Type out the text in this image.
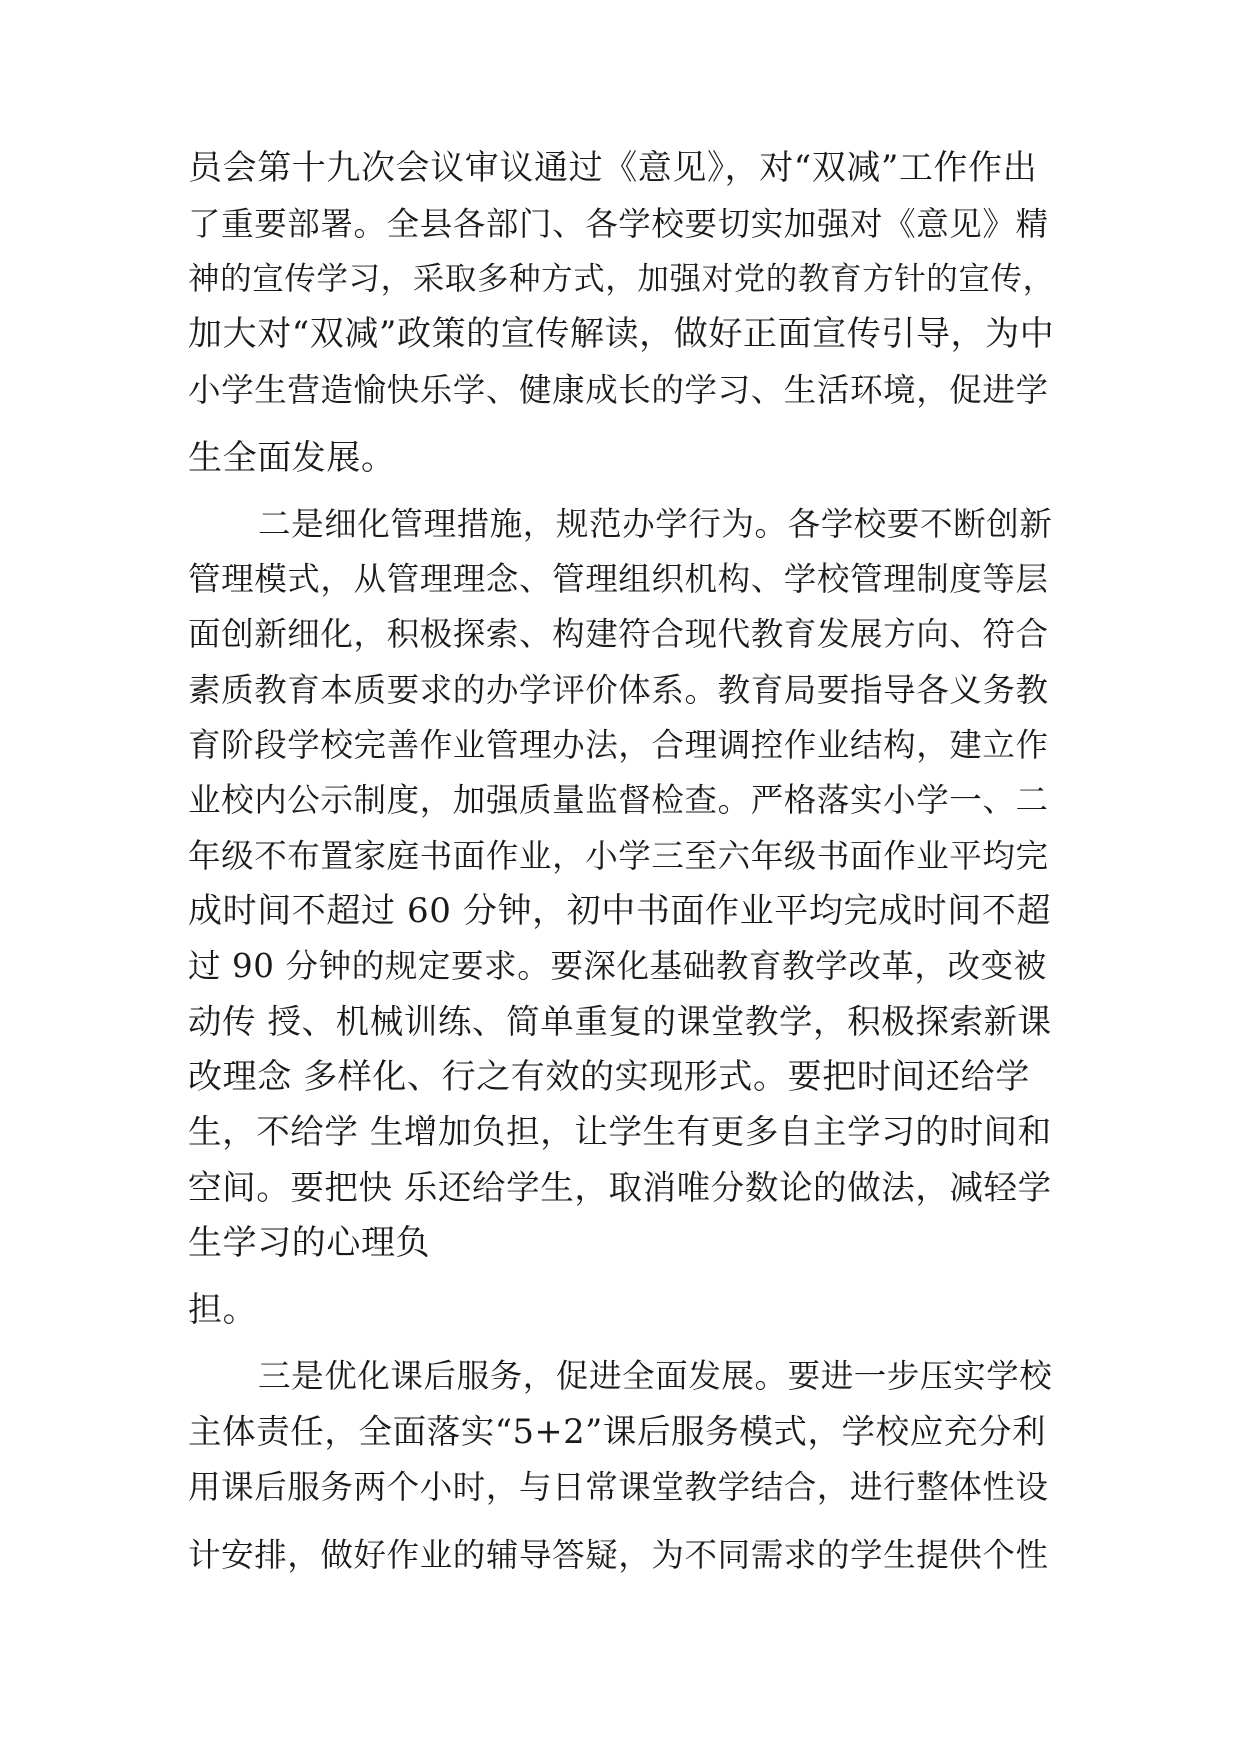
员会第十九次会议审议通过《意见》，对“双减”工作作出
了重要部署。全县各部门、各学校要切实加强对《意见》精
神的宣传学习，采取多种方式，加强对党的教育方针的宣传，
加大对“双减”政策的宣传解读，做好正面宣传引导，为中
小学生营造愉快乐学、健康成长的学习、生活环境，促进学
生全面发展。
二是细化管理措施，规范办学行为。各学校要不断创新
管理模式，从管理理念、管理组织机构、学校管理制度等层
面创新细化，积极探索、构建符合现代教育发展方向、符合
素质教育本质要求的办学评价体系。教育局要指导各义务教
育阶段学校完善作业管理办法，合理调控作业结构，建立作
业校内公示制度，加强质量监督检查。严格落实小学一、二
年级不布置家庭书面作业，小学三至六年级书面作业平均完
成时间不超过 60 分钟，初中书面作业平均完成时间不超
过 90 分钟的规定要求。要深化基础教育教学改革，改变被
动传 授、机械训练、简单重复的课堂教学，积极探索新课
改理念 多样化、行之有效的实现形式。要把时间还给学
生，不给学 生增加负担，让学生有更多自主学习的时间和
空间。要把快 乐还给学生，取消唯分数论的做法，减轻学
生学习的心理负
担。
三是优化课后服务，促进全面发展。要进一步压实学校
主体责任，全面落实“5+2”课后服务模式，学校应充分利
用课后服务两个小时，与日常课堂教学结合，进行整体性设
计安排，做好作业的辅导答疑，为不同需求的学生提供个性
